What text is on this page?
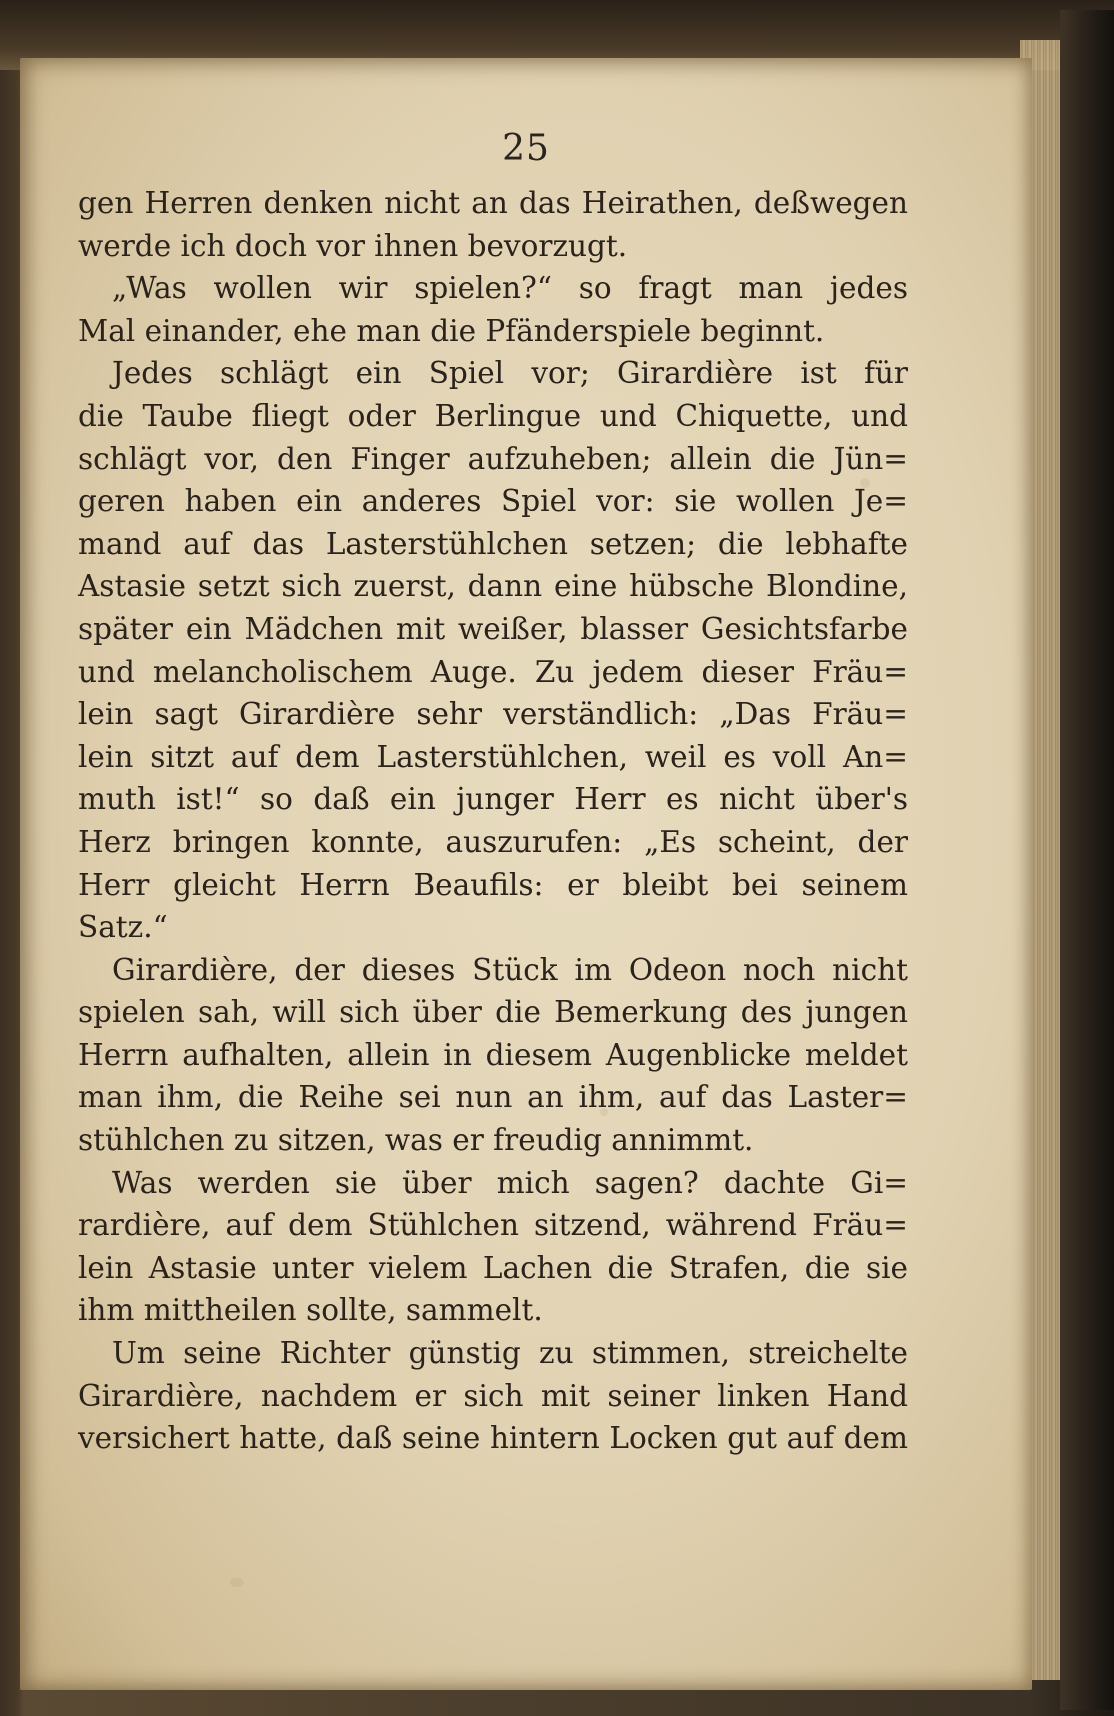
25
gen Herren denken nicht an das Heirathen, deßwegen
werde ich doch vor ihnen bevorzugt.
„Was wollen wir spielen?“ so fragt man jedes
Mal einander, ehe man die Pfänderspiele beginnt.
Jedes schlägt ein Spiel vor; Girardière ist für
die Taube fliegt oder Berlingue und Chiquette, und
schlägt vor, den Finger aufzuheben; allein die Jün=
geren haben ein anderes Spiel vor: sie wollen Je=
mand auf das Lasterstühlchen setzen; die lebhafte
Astasie setzt sich zuerst, dann eine hübsche Blondine,
später ein Mädchen mit weißer, blasser Gesichtsfarbe
und melancholischem Auge. Zu jedem dieser Fräu=
lein sagt Girardière sehr verständlich: „Das Fräu=
lein sitzt auf dem Lasterstühlchen, weil es voll An=
muth ist!“ so daß ein junger Herr es nicht über's
Herz bringen konnte, auszurufen: „Es scheint, der
Herr gleicht Herrn Beaufils: er bleibt bei seinem
Satz.“
Girardière, der dieses Stück im Odeon noch nicht
spielen sah, will sich über die Bemerkung des jungen
Herrn aufhalten, allein in diesem Augenblicke meldet
man ihm, die Reihe sei nun an ihm, auf das Laster=
stühlchen zu sitzen, was er freudig annimmt.
Was werden sie über mich sagen? dachte Gi=
rardière, auf dem Stühlchen sitzend, während Fräu=
lein Astasie unter vielem Lachen die Strafen, die sie
ihm mittheilen sollte, sammelt.
Um seine Richter günstig zu stimmen, streichelte
Girardière, nachdem er sich mit seiner linken Hand
versichert hatte, daß seine hintern Locken gut auf dem
